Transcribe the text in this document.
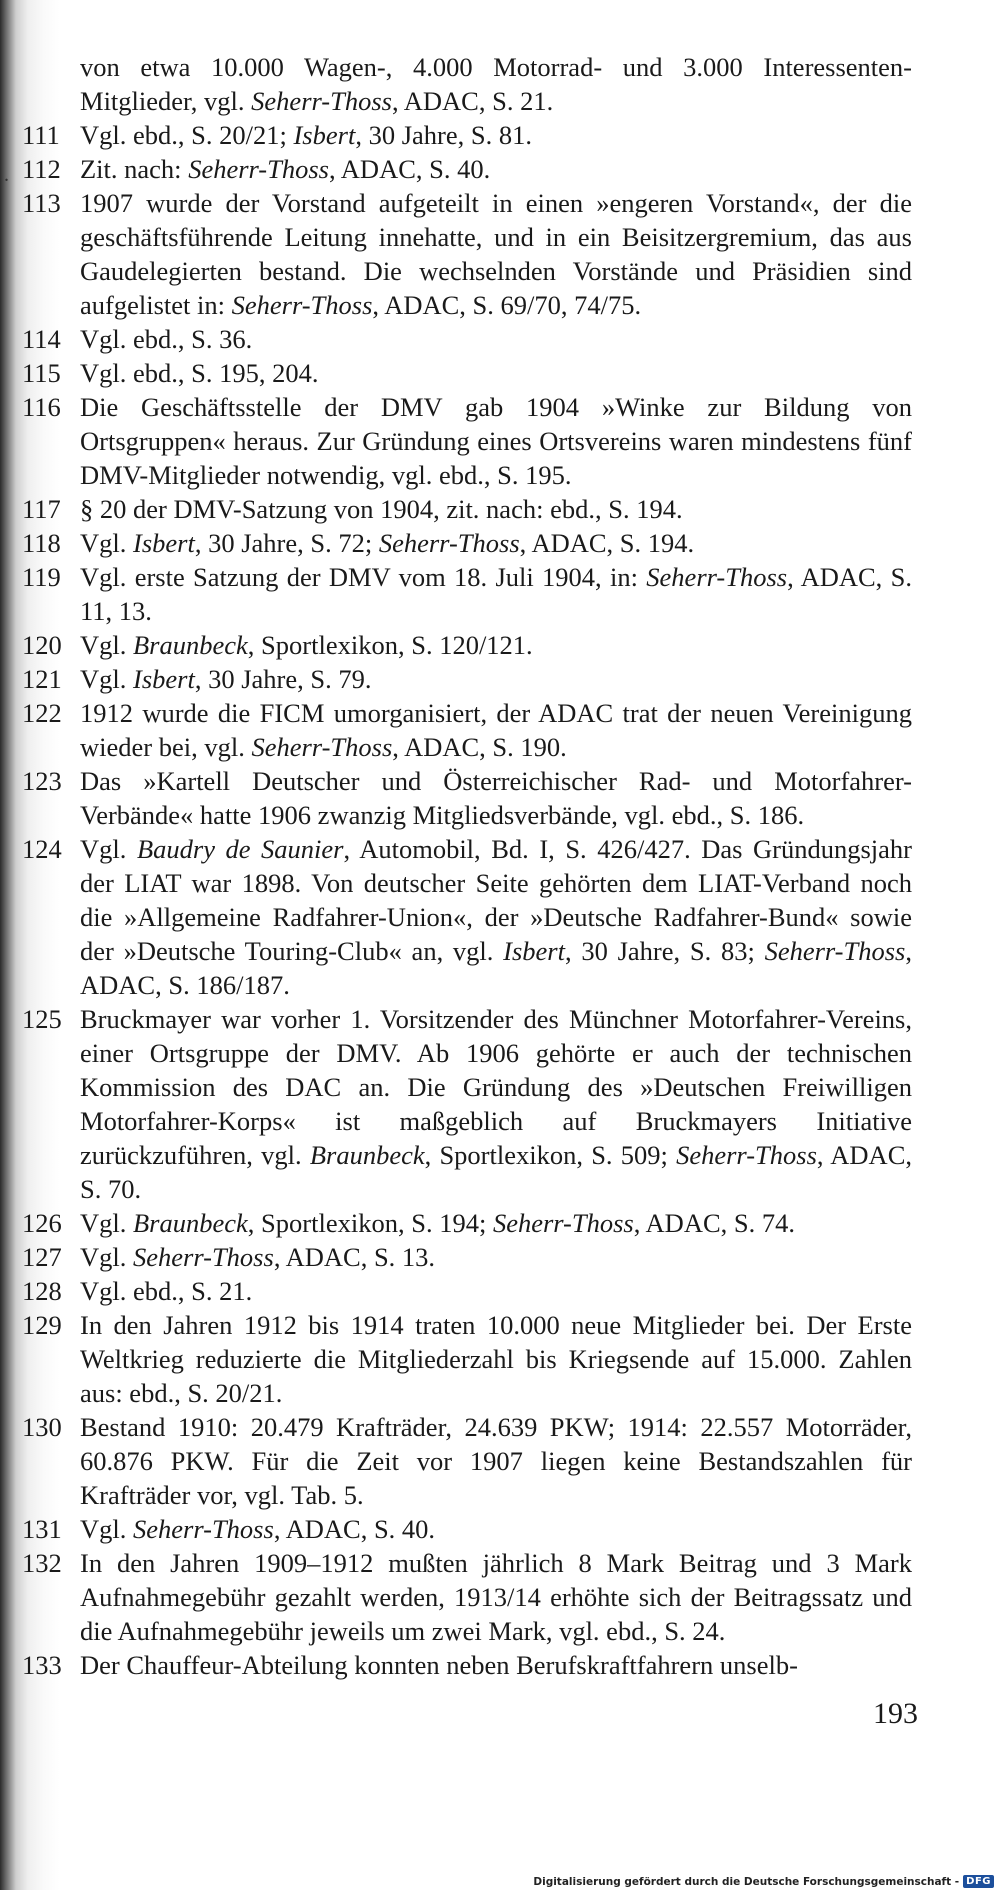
.
von etwa 10.000 Wagen-, 4.000 Motorrad- und 3.000 Interessenten-Mitglieder, vgl. Seherr-Thoss, ADAC, S. 21.
111 Vgl. ebd., S. 20/21; Isbert, 30 Jahre, S. 81.
112 Zit. nach: Seherr-Thoss, ADAC, S. 40.
113 1907 wurde der Vorstand aufgeteilt in einen »engeren Vorstand«, der die geschäftsführende Leitung innehatte, und in ein Beisitzergremium, das aus Gaudelegierten bestand. Die wechselnden Vorstände und Präsidien sind aufgelistet in: Seherr-Thoss, ADAC, S. 69/70, 74/75.
114 Vgl. ebd., S. 36.
115 Vgl. ebd., S. 195, 204.
116 Die Geschäftsstelle der DMV gab 1904 »Winke zur Bildung von Ortsgruppen« heraus. Zur Gründung eines Ortsvereins waren mindestens fünf DMV-Mitglieder notwendig, vgl. ebd., S. 195.
117 § 20 der DMV-Satzung von 1904, zit. nach: ebd., S. 194.
118 Vgl. Isbert, 30 Jahre, S. 72; Seherr-Thoss, ADAC, S. 194.
119 Vgl. erste Satzung der DMV vom 18. Juli 1904, in: Seherr-Thoss, ADAC, S. 11, 13.
120 Vgl. Braunbeck, Sportlexikon, S. 120/121.
121 Vgl. Isbert, 30 Jahre, S. 79.
122 1912 wurde die FICM umorganisiert, der ADAC trat der neuen Vereinigung wieder bei, vgl. Seherr-Thoss, ADAC, S. 190.
123 Das »Kartell Deutscher und Österreichischer Rad- und Motorfahrer-Verbände« hatte 1906 zwanzig Mitgliedsverbände, vgl. ebd., S. 186.
124 Vgl. Baudry de Saunier, Automobil, Bd. I, S. 426/427. Das Gründungsjahr der LIAT war 1898. Von deutscher Seite gehörten dem LIAT-Verband noch die »Allgemeine Radfahrer-Union«, der »Deutsche Radfahrer-Bund« sowie der »Deutsche Touring-Club« an, vgl. Isbert, 30 Jahre, S. 83; Seherr-Thoss, ADAC, S. 186/187.
125 Bruckmayer war vorher 1. Vorsitzender des Münchner Motorfahrer-Vereins, einer Ortsgruppe der DMV. Ab 1906 gehörte er auch der technischen Kommission des DAC an. Die Gründung des »Deutschen Freiwilligen Motorfahrer-Korps« ist maßgeblich auf Bruckmayers Initiative zurückzuführen, vgl. Braunbeck, Sportlexikon, S. 509; Seherr-Thoss, ADAC, S. 70.
126 Vgl. Braunbeck, Sportlexikon, S. 194; Seherr-Thoss, ADAC, S. 74.
127 Vgl. Seherr-Thoss, ADAC, S. 13.
128 Vgl. ebd., S. 21.
129 In den Jahren 1912 bis 1914 traten 10.000 neue Mitglieder bei. Der Erste Weltkrieg reduzierte die Mitgliederzahl bis Kriegsende auf 15.000. Zahlen aus: ebd., S. 20/21.
130 Bestand 1910: 20.479 Krafträder, 24.639 PKW; 1914: 22.557 Motorräder, 60.876 PKW. Für die Zeit vor 1907 liegen keine Bestandszahlen für Krafträder vor, vgl. Tab. 5.
131 Vgl. Seherr-Thoss, ADAC, S. 40.
132 In den Jahren 1909–1912 mußten jährlich 8 Mark Beitrag und 3 Mark Aufnahmegebühr gezahlt werden, 1913/14 erhöhte sich der Beitragssatz und die Aufnahmegebühr jeweils um zwei Mark, vgl. ebd., S. 24.
133 Der Chauffeur-Abteilung konnten neben Berufskraftfahrern unselb-
193
Digitalisierung gefördert durch die Deutsche Forschungsgemeinschaft - DFG
